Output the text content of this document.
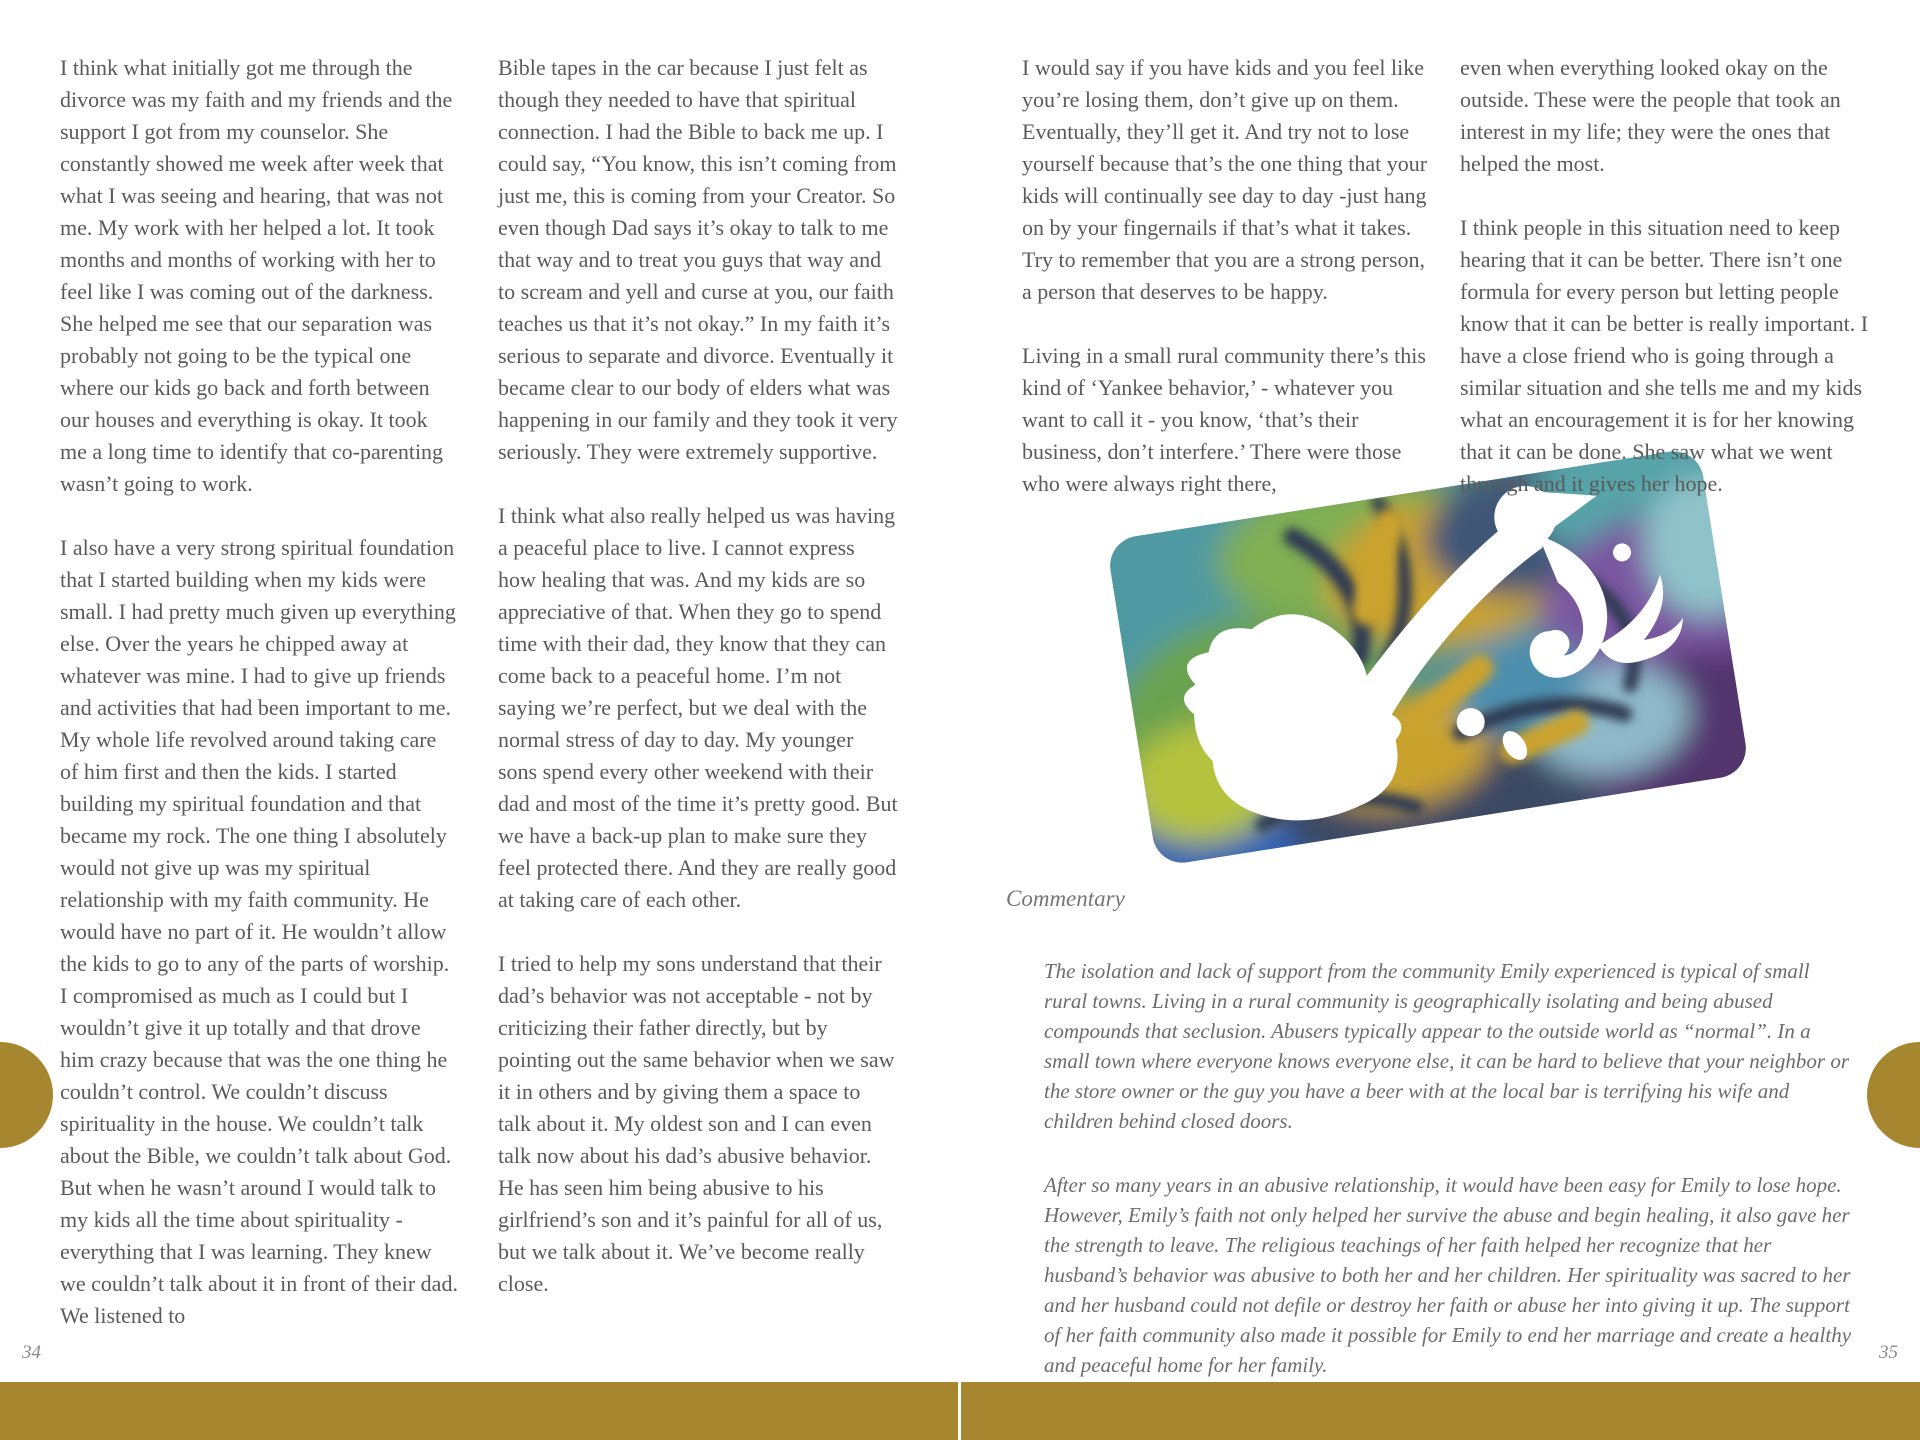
I think what initially got me through the divorce was my faith and my friends and the support I got from my counselor. She constantly showed me week after week that what I was seeing and hearing, that was not me. My work with her helped a lot. It took months and months of working with her to feel like I was coming out of the darkness. She helped me see that our separation was probably not going to be the typical one where our kids go back and forth between our houses and everything is okay. It took me a long time to identify that co-parenting wasn’t going to work.

I also have a very strong spiritual foundation that I started building when my kids were small. I had pretty much given up everything else. Over the years he chipped away at whatever was mine. I had to give up friends and activities that had been important to me. My whole life revolved around taking care of him first and then the kids. I started building my spiritual foundation and that became my rock. The one thing I absolutely would not give up was my spiritual relationship with my faith community. He would have no part of it. He wouldn’t allow the kids to go to any of the parts of worship. I compromised as much as I could but I wouldn’t give it up totally and that drove him crazy because that was the one thing he couldn’t control. We couldn’t discuss spirituality in the house. We couldn’t talk about the Bible, we couldn’t talk about God. But when he wasn’t around I would talk to my kids all the time about spirituality - everything that I was learning. They knew we couldn’t talk about it in front of their dad. We listened to

Bible tapes in the car because I just felt as though they needed to have that spiritual connection. I had the Bible to back me up. I could say, “You know, this isn’t coming from just me, this is coming from your Creator. So even though Dad says it’s okay to talk to me that way and to treat you guys that way and to scream and yell and curse at you, our faith teaches us that it’s not okay.” In my faith it’s serious to separate and divorce. Eventually it became clear to our body of elders what was happening in our family and they took it very seriously. They were extremely supportive.

I think what also really helped us was having a peaceful place to live. I cannot express how healing that was. And my kids are so appreciative of that. When they go to spend time with their dad, they know that they can come back to a peaceful home. I’m not saying we’re perfect, but we deal with the normal stress of day to day. My younger sons spend every other weekend with their dad and most of the time it’s pretty good. But we have a back-up plan to make sure they feel protected there. And they are really good at taking care of each other.

I tried to help my sons understand that their dad’s behavior was not acceptable - not by criticizing their father directly, but by pointing out the same behavior when we saw it in others and by giving them a space to talk about it. My oldest son and I can even talk now about his dad’s abusive behavior. He has seen him being abusive to his girlfriend’s son and it’s painful for all of us, but we talk about it. We’ve become really close.

34

I would say if you have kids and you feel like you’re losing them, don’t give up on them. Eventually, they’ll get it. And try not to lose yourself because that’s the one thing that your kids will continually see day to day -just hang on by your fingernails if that’s what it takes. Try to remember that you are a strong person, a person that deserves to be happy.

Living in a small rural community there’s this kind of ‘Yankee behavior,’ - whatever you want to call it - you know, ‘that’s their business, don’t interfere.’ There were those who were always right there,

even when everything looked okay on the outside. These were the people that took an interest in my life; they were the ones that helped the most.

I think people in this situation need to keep hearing that it can be better. There isn’t one formula for every person but letting people know that it can be better is really important. I have a close friend who is going through a similar situation and she tells me and my kids what an encouragement it is for her knowing that it can be done. She saw what we went through and it gives her hope.

Commentary

The isolation and lack of support from the community Emily experienced is typical of small rural towns. Living in a rural community is geographically isolating and being abused compounds that seclusion. Abusers typically appear to the outside world as “normal”. In a small town where everyone knows everyone else, it can be hard to believe that your neighbor or the store owner or the guy you have a beer with at the local bar is terrifying his wife and children behind closed doors.

After so many years in an abusive relationship, it would have been easy for Emily to lose hope. However, Emily’s faith not only helped her survive the abuse and begin healing, it also gave her the strength to leave. The religious teachings of her faith helped her recognize that her husband’s behavior was abusive to both her and her children. Her spirituality was sacred to her and her husband could not defile or destroy her faith or abuse her into giving it up. The support of her faith community also made it possible for Emily to end her marriage and create a healthy and peaceful home for her family.

35
